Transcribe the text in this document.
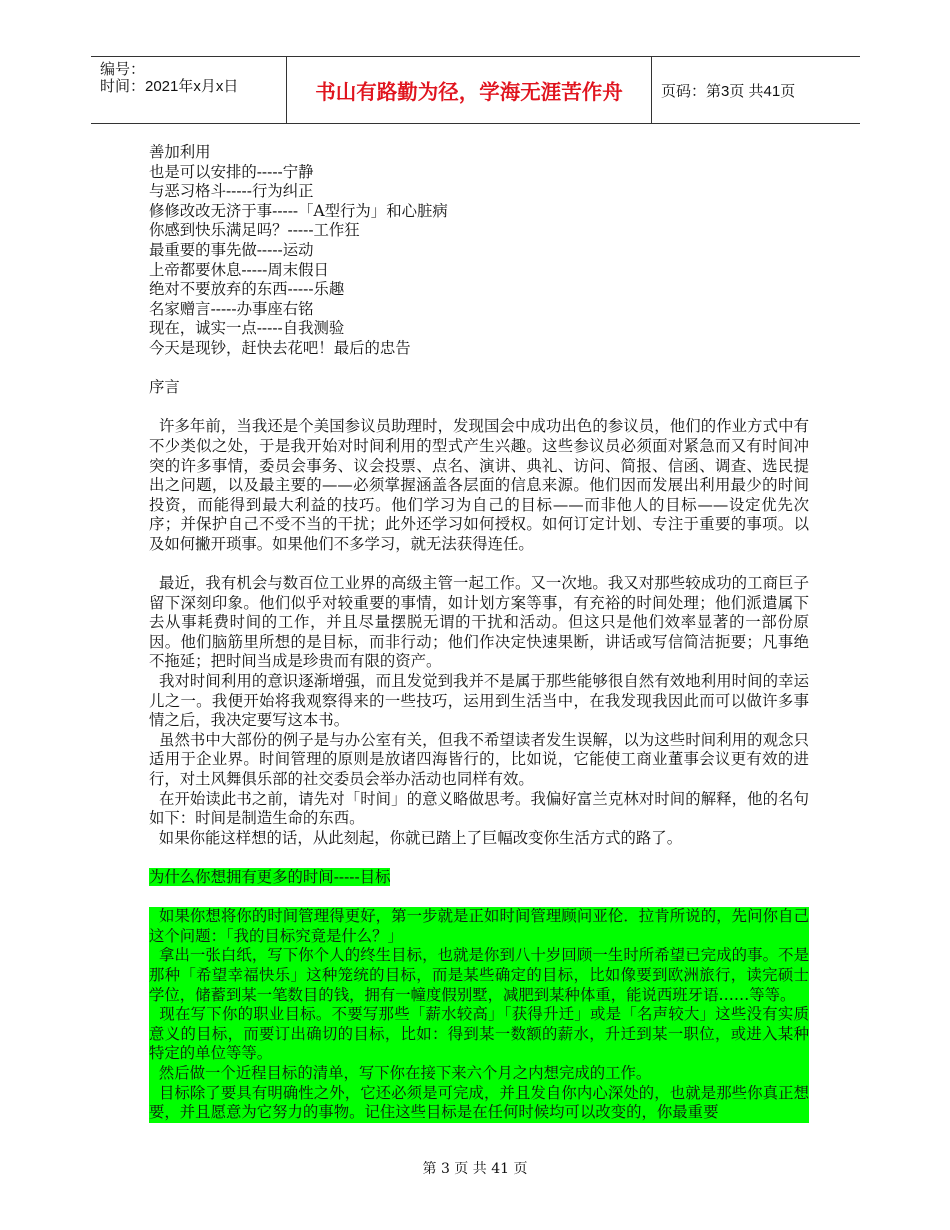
编号：
时间：2021年x月x日	书山有路勤为径，学海无涯苦作舟	页码：第3页 共41页
善加利用
也是可以安排的-----宁静
与恶习格斗-----行为纠正
修修改改无济于事-----「A型行为」和心脏病
你感到快乐满足吗？-----工作狂
最重要的事先做-----运动
上帝都要休息-----周末假日
绝对不要放弃的东西-----乐趣
名家赠言-----办事座右铭
现在，诚实一点-----自我测验
今天是现钞，赶快去花吧！最后的忠告
序言
许多年前，当我还是个美国参议员助理时，发现国会中成功出色的参议员，他们的作业方式中有不少类似之处，于是我开始对时间利用的型式产生兴趣。这些参议员必须面对紧急而又有时间冲突的许多事情，委员会事务、议会投票、点名、演讲、典礼、访问、简报、信函、调查、选民提出之问题，以及最主要的——必须掌握涵盖各层面的信息来源。他们因而发展出利用最少的时间投资，而能得到最大利益的技巧。他们学习为自己的目标——而非他人的目标——设定优先次序；并保护自己不受不当的干扰；此外还学习如何授权。如何订定计划、专注于重要的事项。以及如何撇开琐事。如果他们不多学习，就无法获得连任。
最近，我有机会与数百位工业界的高级主管一起工作。又一次地。我又对那些较成功的工商巨子留下深刻印象。他们似乎对较重要的事情，如计划方案等事，有充裕的时间处理；他们派遣属下去从事耗费时间的工作，并且尽量摆脱无谓的干扰和活动。但这只是他们效率显著的一部份原因。他们脑筋里所想的是目标，而非行动；他们作决定快速果断，讲话或写信简洁扼要；凡事绝不拖延；把时间当成是珍贵而有限的资产。
我对时间利用的意识逐渐增强，而且发觉到我并不是属于那些能够很自然有效地利用时间的幸运儿之一。我便开始将我观察得来的一些技巧，运用到生活当中，在我发现我因此而可以做许多事情之后，我决定要写这本书。
虽然书中大部份的例子是与办公室有关，但我不希望读者发生误解，以为这些时间利用的观念只适用于企业界。时间管理的原则是放诸四海皆行的，比如说，它能使工商业董事会议更有效的进行，对土风舞俱乐部的社交委员会举办活动也同样有效。
在开始读此书之前，请先对「时间」的意义略做思考。我偏好富兰克林对时间的解释，他的名句如下：时间是制造生命的东西。
如果你能这样想的话，从此刻起，你就已踏上了巨幅改变你生活方式的路了。
为什么你想拥有更多的时间-----目标
如果你想将你的时间管理得更好，第一步就是正如时间管理顾问亚伦．拉肯所说的，先问你自己这个问题：「我的目标究竟是什么？」
拿出一张白纸，写下你个人的终生目标，也就是你到八十岁回顾一生时所希望已完成的事。不是那种「希望幸福快乐」这种笼统的目标，而是某些确定的目标，比如像要到欧洲旅行，读完硕士学位，储蓄到某一笔数目的钱，拥有一幢度假别墅，减肥到某种体重，能说西班牙语……等等。
现在写下你的职业目标。不要写那些「薪水较高」「获得升迁」或是「名声较大」这些没有实质意义的目标，而要订出确切的目标，比如：得到某一数额的薪水，升迁到某一职位，或进入某种特定的单位等等。
然后做一个近程目标的清单，写下你在接下来六个月之内想完成的工作。
目标除了要具有明确性之外，它还必须是可完成，并且发自你内心深处的，也就是那些你真正想要，并且愿意为它努力的事物。记住这些目标是在任何时候均可以改变的，你最重要
第 3 页 共 41 页
